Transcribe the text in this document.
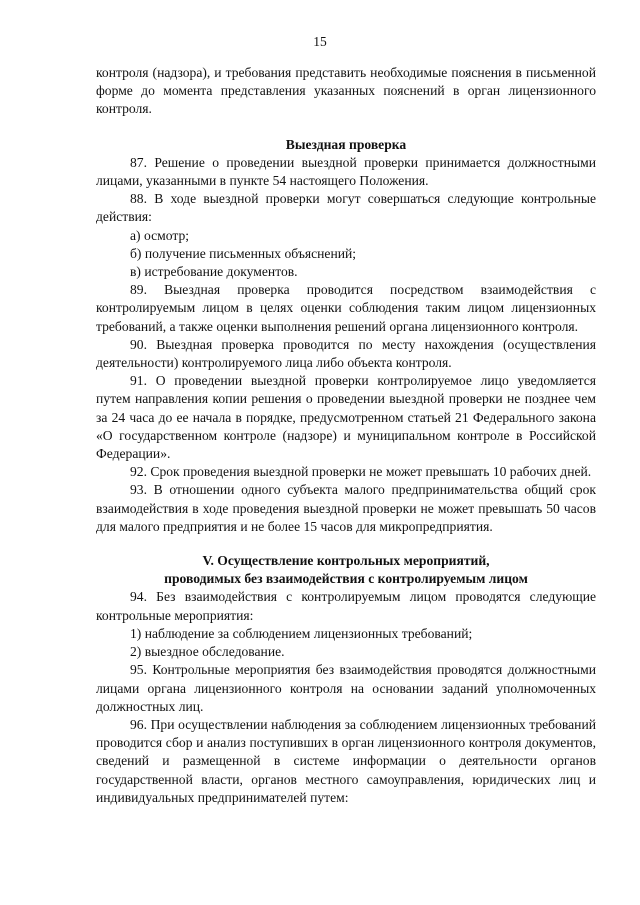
15

контроля (надзора), и требования представить необходимые пояснения в письменной форме до момента представления указанных пояснений в орган лицензионного контроля.

Выездная проверка

87. Решение о проведении выездной проверки принимается должностными лицами, указанными в пункте 54 настоящего Положения.

88. В ходе выездной проверки могут совершаться следующие контрольные действия:

а) осмотр;

б) получение письменных объяснений;

в) истребование документов.

89. Выездная проверка проводится посредством взаимодействия с контролируемым лицом в целях оценки соблюдения таким лицом лицензионных требований, а также оценки выполнения решений органа лицензионного контроля.

90. Выездная проверка проводится по месту нахождения (осуществления деятельности) контролируемого лица либо объекта контроля.

91. О проведении выездной проверки контролируемое лицо уведомляется путем направления копии решения о проведении выездной проверки не позднее чем за 24 часа до ее начала в порядке, предусмотренном статьей 21 Федерального закона «О государственном контроле (надзоре) и муниципальном контроле в Российской Федерации».

92. Срок проведения выездной проверки не может превышать 10 рабочих дней.

93. В отношении одного субъекта малого предпринимательства общий срок взаимодействия в ходе проведения выездной проверки не может превышать 50 часов для малого предприятия и не более 15 часов для микропредприятия.

V. Осуществление контрольных мероприятий,

проводимых без взаимодействия с контролируемым лицом

94. Без взаимодействия с контролируемым лицом проводятся следующие контрольные мероприятия:

1) наблюдение за соблюдением лицензионных требований;

2) выездное обследование.

95. Контрольные мероприятия без взаимодействия проводятся должностными лицами органа лицензионного контроля на основании заданий уполномоченных должностных лиц.

96. При осуществлении наблюдения за соблюдением лицензионных требований проводится сбор и анализ поступивших в орган лицензионного контроля документов, сведений и размещенной в системе информации о деятельности органов государственной власти, органов местного самоуправления, юридических лиц и индивидуальных предпринимателей путем:
